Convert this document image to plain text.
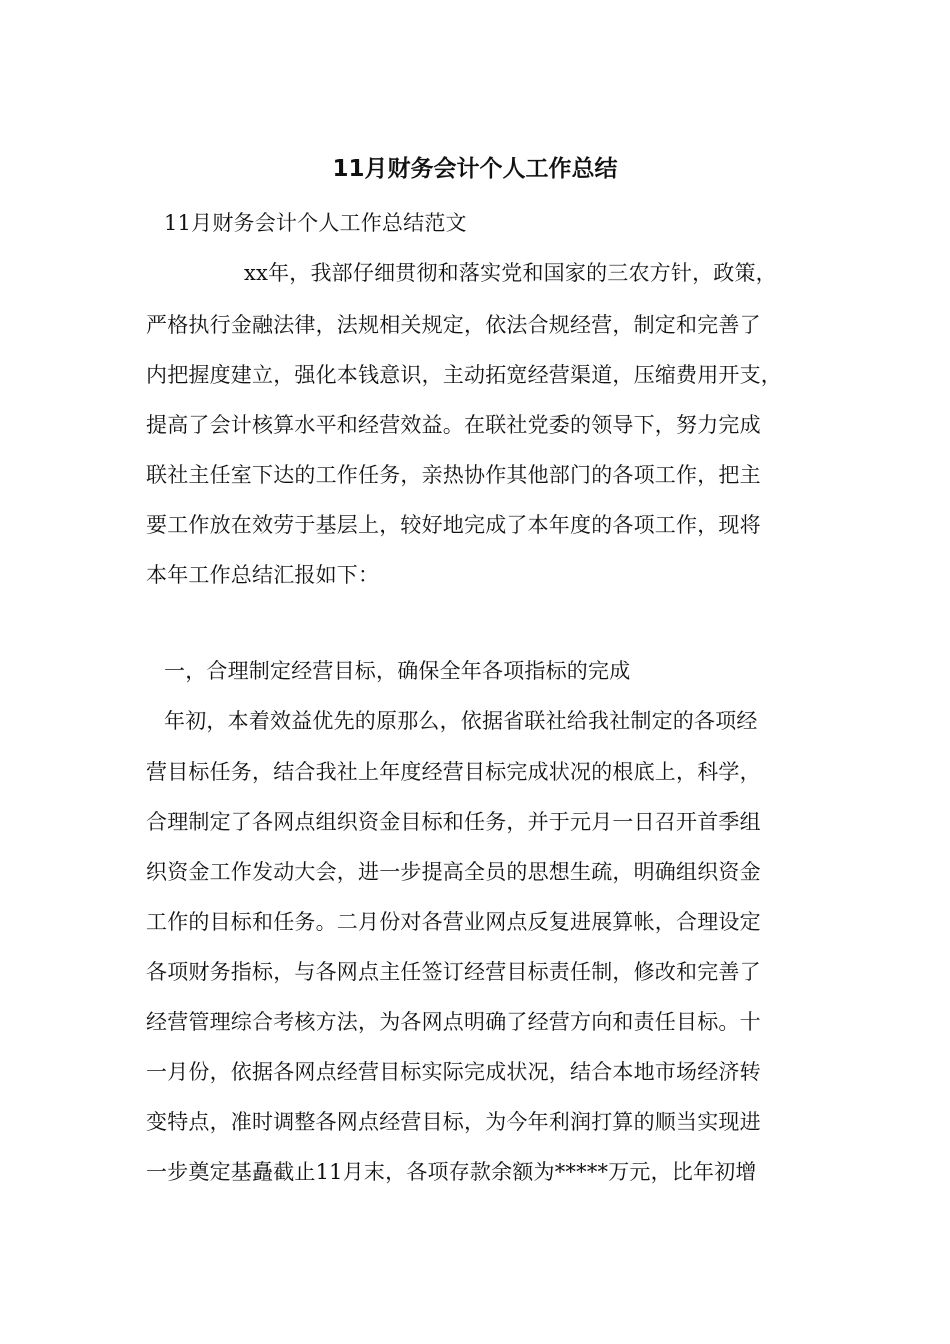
11月财务会计个人工作总结
11月财务会计个人工作总结范文
xx年，我部仔细贯彻和落实党和国家的三农方针，政策，
严格执行金融法律，法规相关规定，依法合规经营，制定和完善了
内把握度建立，强化本钱意识，主动拓宽经营渠道，压缩费用开支，
提高了会计核算水平和经营效益。在联社党委的领导下，努力完成
联社主任室下达的工作任务，亲热协作其他部门的各项工作，把主
要工作放在效劳于基层上，较好地完成了本年度的各项工作，现将
本年工作总结汇报如下：
一，合理制定经营目标，确保全年各项指标的完成
年初，本着效益优先的原那么，依据省联社给我社制定的各项经
营目标任务，结合我社上年度经营目标完成状况的根底上，科学，
合理制定了各网点组织资金目标和任务，并于元月一日召开首季组
织资金工作发动大会，进一步提高全员的思想生疏，明确组织资金
工作的目标和任务。二月份对各营业网点反复进展算帐，合理设定
各项财务指标，与各网点主任签订经营目标责任制，修改和完善了
经营管理综合考核方法，为各网点明确了经营方向和责任目标。十
一月份，依据各网点经营目标实际完成状况，结合本地市场经济转
变特点，准时调整各网点经营目标，为今年利润打算的顺当实现进
一步奠定基矗截止11月末，各项存款余额为*****万元，比年初增
